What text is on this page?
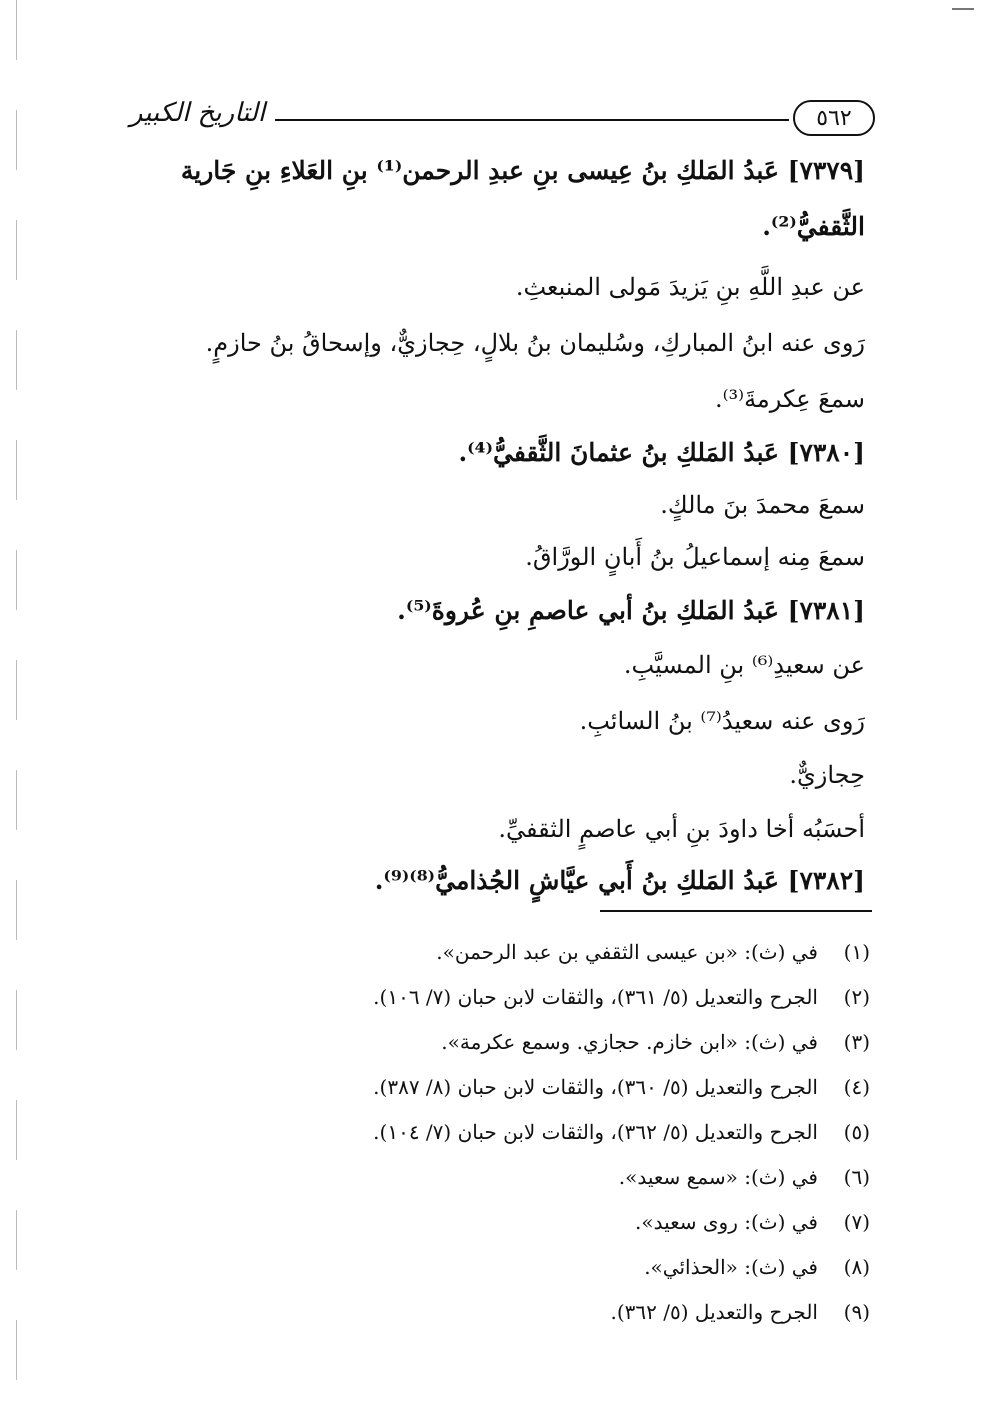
٥٦٢
التاريخ الكبير
[٧٣٧٩] عَبدُ المَلكِ بنُ عِيسى بنِ عبدِ الرحمن⁽¹⁾ بنِ العَلاءِ بنِ جَارية
الثَّقفيُّ⁽²⁾.
عن عبدِ اللَّهِ بنِ يَزيدَ مَولى المنبعثِ.
رَوى عنه ابنُ المباركِ، وسُليمان بنُ بلالٍ، حِجازيٌّ، وإسحاقُ بنُ حازمٍ.
سمعَ عِكرمةَ⁽³⁾.
[٧٣٨٠] عَبدُ المَلكِ بنُ عثمانَ الثَّقفيُّ⁽⁴⁾.
سمعَ محمدَ بنَ مالكٍ.
سمعَ مِنه إسماعيلُ بنُ أَبانٍ الورَّاقُ.
[٧٣٨١] عَبدُ المَلكِ بنُ أبي عاصمِ بنِ عُروةَ⁽⁵⁾.
عن سعيدِ⁽⁶⁾ بنِ المسيَّبِ.
رَوى عنه سعيدُ⁽⁷⁾ بنُ السائبِ.
حِجازيٌّ.
أحسَبُه أخا داودَ بنِ أبي عاصمٍ الثقفيِّ.
[٧٣٨٢] عَبدُ المَلكِ بنُ أَبي عيَّاشٍ الجُذاميُّ⁽⁸⁾⁽⁹⁾.
(١)
في (ث): «بن عيسى الثقفي بن عبد الرحمن».
(٢)
الجرح والتعديل (٥/ ٣٦١)، والثقات لابن حبان (٧/ ١٠٦).
(٣)
في (ث): «ابن خازم. حجازي. وسمع عكرمة».
(٤)
الجرح والتعديل (٥/ ٣٦٠)، والثقات لابن حبان (٨/ ٣٨٧).
(٥)
الجرح والتعديل (٥/ ٣٦٢)، والثقات لابن حبان (٧/ ١٠٤).
(٦)
في (ث): «سمع سعيد».
(٧)
في (ث): روى سعيد».
(٨)
في (ث): «الحذائي».
(٩)
الجرح والتعديل (٥/ ٣٦٢).
